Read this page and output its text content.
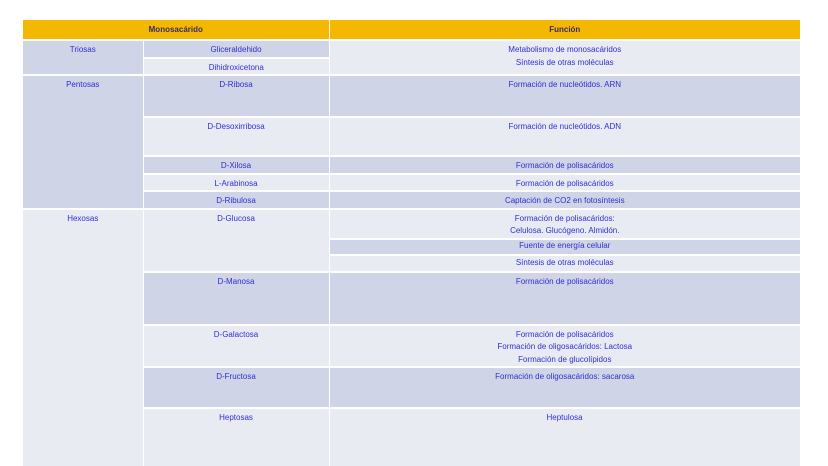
Monosacárido		Función	
Triosas	Gliceraldehido	Metabolismo de monosacáridos
Síntesis de otras moléculas	

	Dihidroxicetona		
Pentosas	D-Ribosa	Formación de nucleótidos. ARN	
	D-Desoxirribosa	Formación de nucleótidos. ADN	
	D-Xilosa	Formación de polisacáridos	
	L-Arabinosa	Formación de polisacáridos	
	D-Ribulosa	Captación de CO2 en fotosíntesis	
Hexosas	D-Glucosa	Formación de polisacáridos:
Celulosa. Glucógeno. Almidón.	

		Fuente de energía celular	
		Síntesis de otras moléculas	
	D-Manosa	Formación de polisacáridos	
	D-Galactosa	Formación de polisacáridos
Formación de oligosacáridos: Lactosa
Formación de glucolípidos	

	D-Fructosa	Formación de oligosacáridos: sacarosa	
	Heptosas	Heptulosa	
